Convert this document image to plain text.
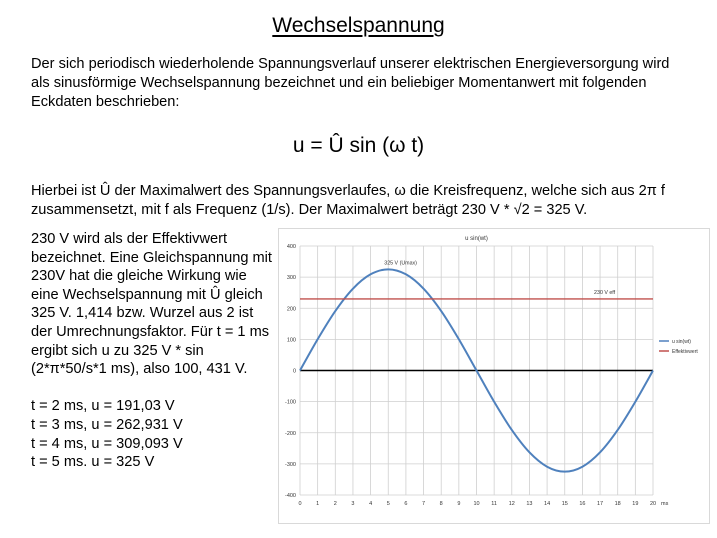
Wechselspannung
Der sich periodisch wiederholende Spannungsverlauf unserer elektrischen Energieversorgung wird als sinusförmige Wechselspannung bezeichnet und ein beliebiger Momentanwert mit folgenden Eckdaten beschrieben:
u = Û sin (ω t)
Hierbei ist Û der Maximalwert des Spannungsverlaufes, ω die Kreisfrequenz, welche sich aus 2π f zusammensetzt, mit f als Frequenz (1/s). Der Maximalwert beträgt 230 V * √2 = 325 V.
230 V wird als der Effektivwert bezeichnet. Eine Gleichspannung mit 230V hat die gleiche Wirkung wie eine Wechselspannung mit Û gleich 325 V. 1,414 bzw. Wurzel aus 2 ist der Umrechnungsfaktor. Für t = 1 ms ergibt sich u zu 325 V * sin (2*π*50/s*1 ms), also 100, 431 V.
t = 2 ms, u = 191,03 V
t = 3 ms, u = 262,931 V
t = 4 ms, u = 309,093 V
t = 5 ms. u = 325 V
400
300
200
100
0
-100
-200
-300
-400
0	1	2	3	4	5	6	7	8	9 10 11 12 13 14 15 16 17 18 19 20 ms
u sin(wt)
325 V (Umax)
230 V eff
u sin(wt)
Effektivwert
